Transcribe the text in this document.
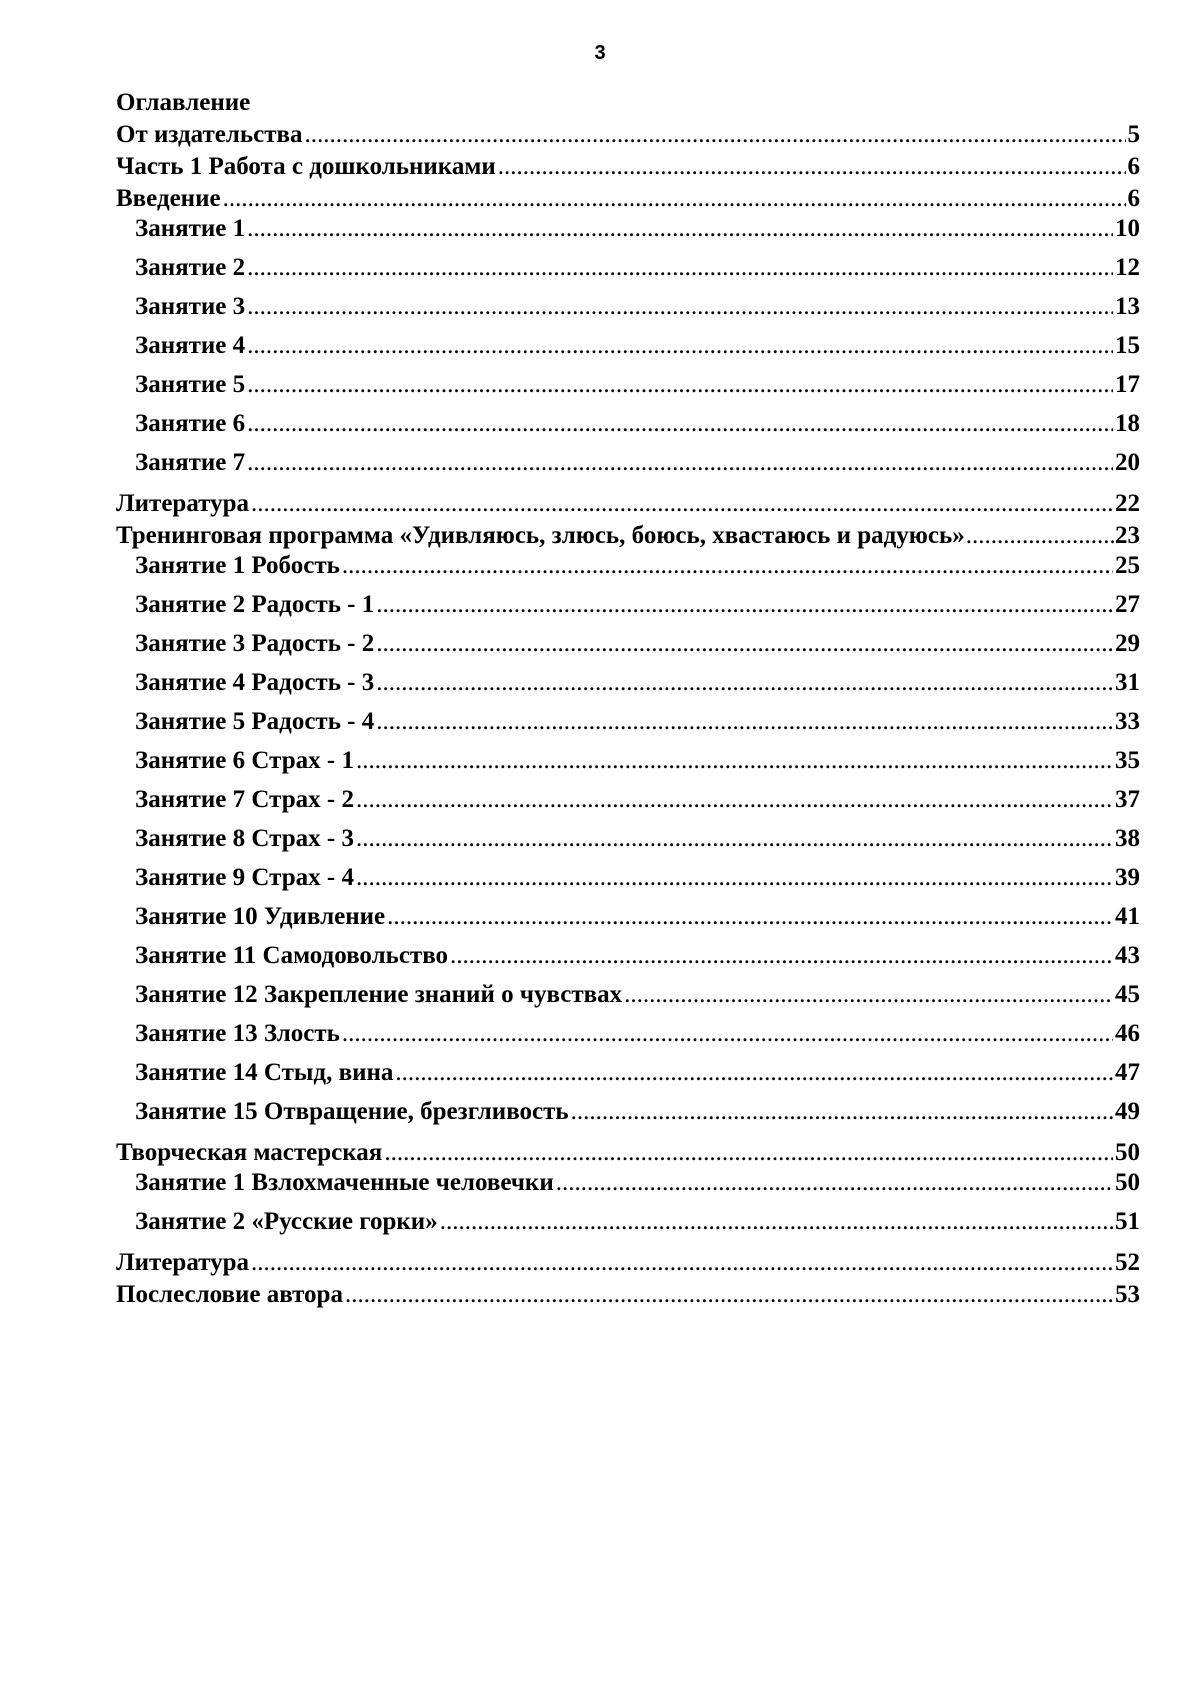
3
Оглавление
От издательства .....	5
Часть 1 Работа с дошкольниками .....	6
Введение .....	6
Занятие 1 .....	10
Занятие 2 .....	12
Занятие 3 .....	13
Занятие 4 .....	15
Занятие 5 .....	17
Занятие 6 .....	18
Занятие 7 .....	20
Литература .....	22
Тренинговая программа «Удивляюсь, злюсь, боюсь, хвастаюсь и радуюсь» .....	23
Занятие 1 Робость .....	25
Занятие 2 Радость - 1 .....	27
Занятие 3 Радость - 2 .....	29
Занятие 4 Радость - 3 .....	31
Занятие 5 Радость - 4 .....	33
Занятие 6 Страх - 1 .....	35
Занятие 7 Страх - 2 .....	37
Занятие 8 Страх - 3 .....	38
Занятие 9 Страх - 4 .....	39
Занятие 10 Удивление .....	41
Занятие 11 Самодовольство .....	43
Занятие 12 Закрепление знаний о чувствах .....	45
Занятие 13 Злость .....	46
Занятие 14 Стыд, вина .....	47
Занятие 15 Отвращение, брезгливость .....	49
Творческая мастерская .....	50
Занятие 1 Взлохмаченные человечки .....	50
Занятие 2 «Русские горки» .....	51
Литература .....	52
Послесловие автора .....	53
